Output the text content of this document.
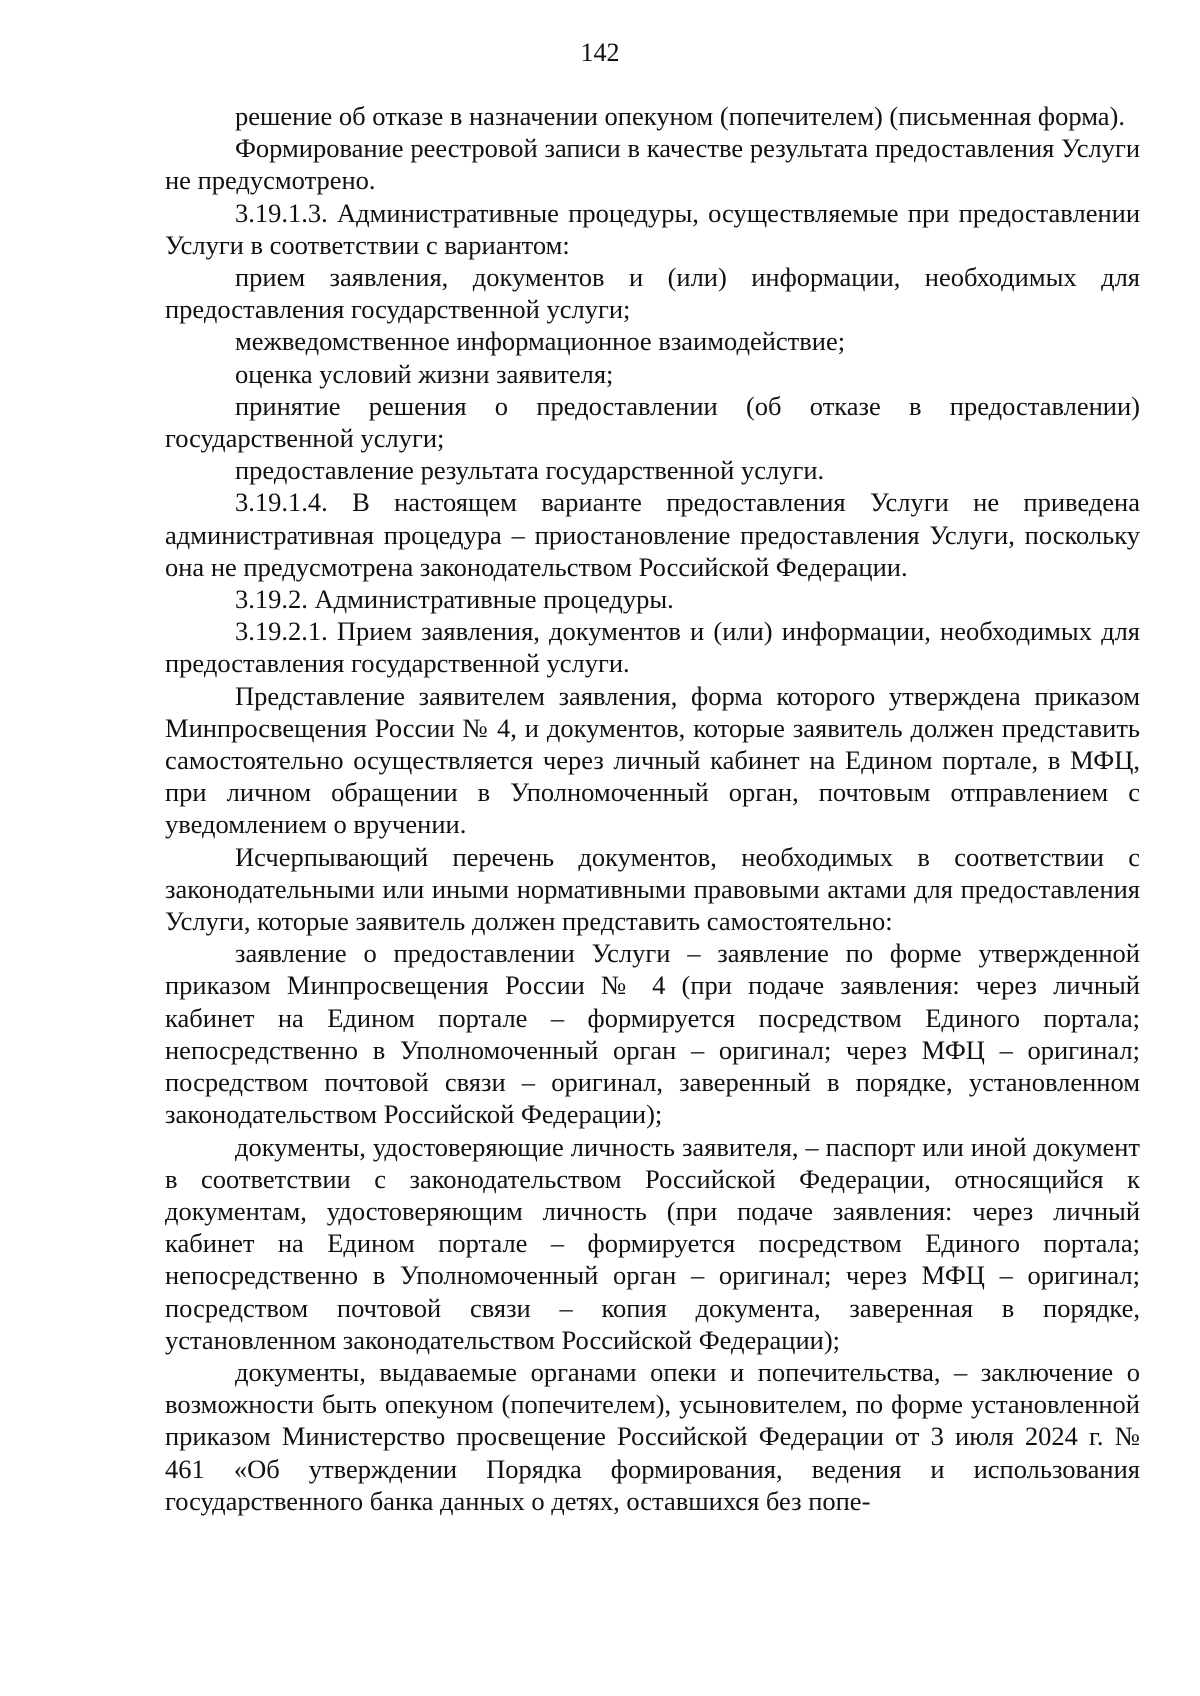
142

решение об отказе в назначении опекуном (попечителем) (письменная форма).

Формирование реестровой записи в качестве результата предоставления Услуги не предусмотрено.

3.19.1.3. Административные процедуры, осуществляемые при предоставлении Услуги в соответствии с вариантом:

прием заявления, документов и (или) информации, необходимых для предоставления государственной услуги;

межведомственное информационное взаимодействие;

оценка условий жизни заявителя;

принятие решения о предоставлении (об отказе в предоставлении) государственной услуги;

предоставление результата государственной услуги.

3.19.1.4. В настоящем варианте предоставления Услуги не приведена административная процедура – приостановление предоставления Услуги, поскольку она не предусмотрена законодательством Российской Федерации.

3.19.2. Административные процедуры.

3.19.2.1. Прием заявления, документов и (или) информации, необходимых для предоставления государственной услуги.

Представление заявителем заявления, форма которого утверждена приказом Минпросвещения России № 4, и документов, которые заявитель должен представить самостоятельно осуществляется через личный кабинет на Едином портале, в МФЦ, при личном обращении в Уполномоченный орган, почтовым отправлением с уведомлением о вручении.

Исчерпывающий перечень документов, необходимых в соответствии с законодательными или иными нормативными правовыми актами для предоставления Услуги, которые заявитель должен представить самостоятельно:

заявление о предоставлении Услуги – заявление по форме утвержденной приказом Минпросвещения России № 4 (при подаче заявления: через личный кабинет на Едином портале – формируется посредством Единого портала; непосредственно в Уполномоченный орган – оригинал; через МФЦ – оригинал; посредством почтовой связи – оригинал, заверенный в порядке, установленном законодательством Российской Федерации);

документы, удостоверяющие личность заявителя, – паспорт или иной документ в соответствии с законодательством Российской Федерации, относящийся к документам, удостоверяющим личность (при подаче заявления: через личный кабинет на Едином портале – формируется посредством Единого портала; непосредственно в Уполномоченный орган – оригинал; через МФЦ – оригинал; посредством почтовой связи – копия документа, заверенная в порядке, установленном законодательством Российской Федерации);

документы, выдаваемые органами опеки и попечительства, – заключение о возможности быть опекуном (попечителем), усыновителем, по форме установленной приказом Министерство просвещение Российской Федерации от 3 июля 2024 г. № 461 «Об утверждении Порядка формирования, ведения и использования государственного банка данных о детях, оставшихся без попе-
